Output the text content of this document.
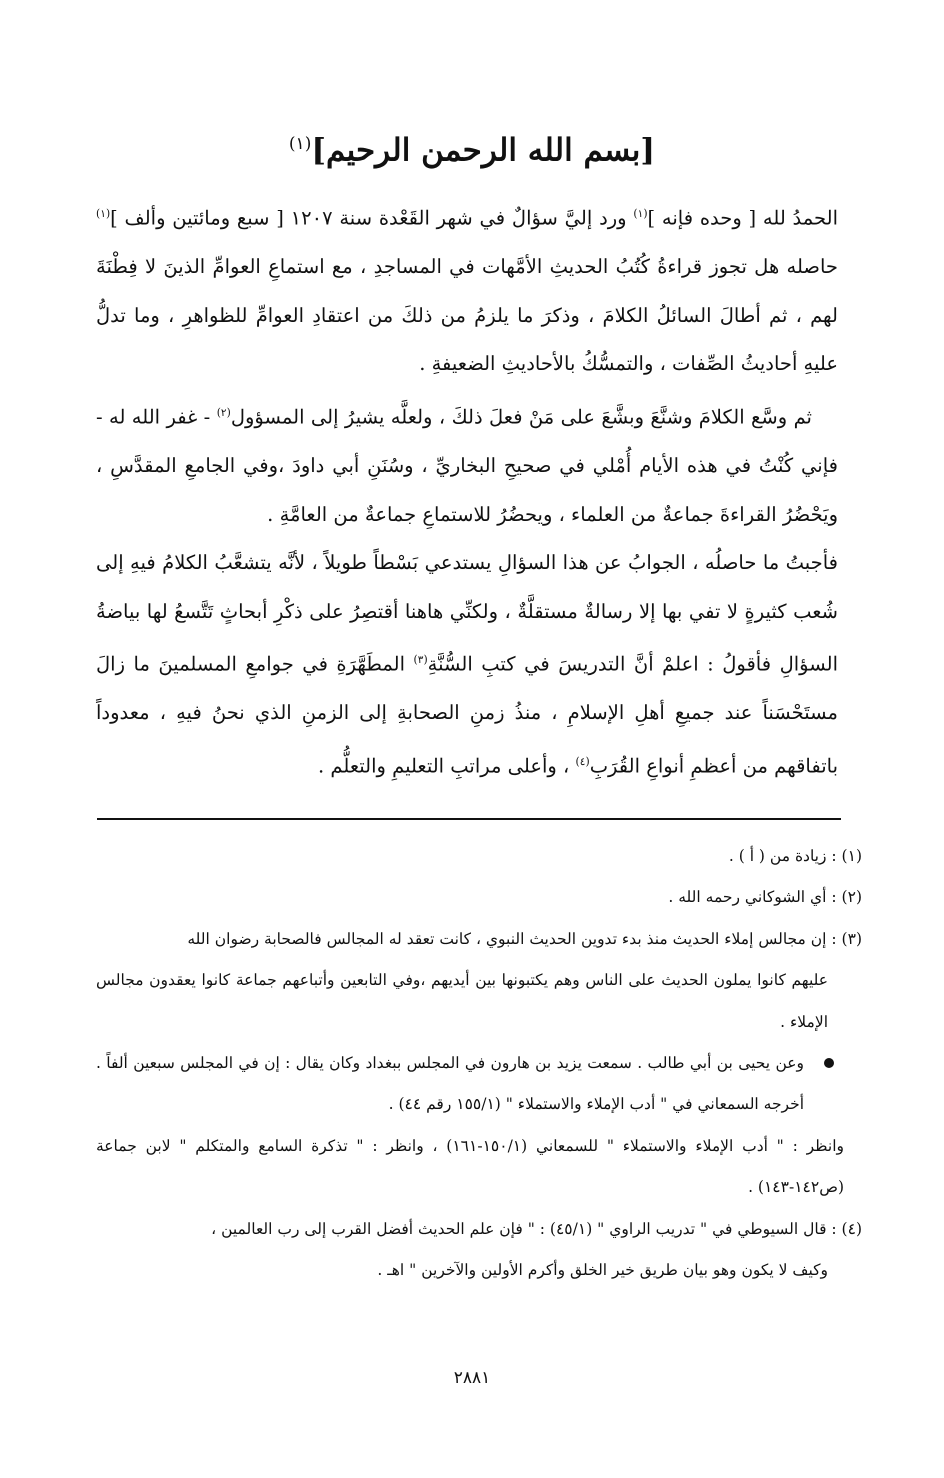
[بسم الله الرحمن الرحيم]$^{(١)}$

الحمدُ لله [ وحده فإنه ]$^{(١)}$ ورد إليَّ سؤالٌ في شهر القَعْدة سنة ١٢٠٧ [ سبع ومائتين وألف ]$^{(١)}$ حاصله هل تجوز قراءةُ كُتُبُ الحديثِ الأمَّهات في المساجدِ ، مع استماعِ العوامِّ الذينَ لا فِطْنَةَ لهم ، ثم أطالَ السائلُ الكلامَ ، وذكرَ ما يلزمُ من ذلكَ من اعتقادِ العوامِّ للظواهرِ ، وما تدلُّ عليهِ أحاديثُ الصِّفات ، والتمسُّكُ بالأحاديثِ الضعيفةِ .

ثم وسَّع الكلامَ وشنَّعَ وبشَّعَ على مَنْ فعلَ ذلكَ ، ولعلَّه يشيرُ إلى المسؤول$^{(٢)}$ - غفر الله له - فإني كُنْتُ في هذه الأيام أُمْلي في صحيحِ البخاريِّ ، وسُنَنِ أبي داودَ ،وفي الجامعِ المقدَّسِ ، ويَحْضُرُ القراءةَ جماعةٌ من العلماء ، ويحضُرُ للاستماعِ جماعةٌ من العامَّةِ .

فأجبتُ ما حاصلُه ، الجوابُ عن هذا السؤالِ يستدعي بَسْطاً طويلاً ، لأنَّه يتشعَّبُ الكلامُ فيهِ إلى شُعب كثيرةٍ لا تفي بها إلا رسالةٌ مستقلَّةٌ ، ولكنِّي هاهنا أقتصِرُ على ذكْرِ أبحاثٍ تَتَّسعُ لها بياضةُ السؤالِ فأقولُ : اعلمْ أنَّ التدريسَ في كتبِ السُّنَّةِ$^{(٣)}$ المطَهَّرَةِ في جوامعِ المسلمينَ ما زالَ مستَحْسَناً عند جميعِ أهلِ الإسلامِ ، منذُ زمنِ الصحابةِ إلى الزمنِ الذي نحنُ فيهِ ، معدوداً باتفاقهم من أعظمِ أنواعِ القُرَبِ$^{(٤)}$ ، وأعلى مراتبِ التعليمِ والتعلُّم .

(١) : زيادة من ( أ ) .

(٢) : أي الشوكاني رحمه الله .

(٣) : إن مجالس إملاء الحديث منذ بدء تدوين الحديث النبوي ، كانت تعقد له المجالس فالصحابة رضوان الله

عليهم كانوا يملون الحديث على الناس وهم يكتبونها بين أيديهم ،وفي التابعين وأتباعهم جماعة كانوا يعقدون مجالس الإملاء .

وعن يحيى بن أبي طالب . سمعت يزيد بن هارون في المجلس ببغداد وكان يقال : إن في المجلس سبعين ألفاً . أخرجه السمعاني في " أدب الإملاء والاستملاء " (١٥٥/١ رقم ٤٤) .

وانظر : " أدب الإملاء والاستملاء " للسمعاني (١٥٠/١-١٦١) ، وانظر : " تذكرة السامع والمتكلم " لابن جماعة (ص١٤٢-١٤٣) .

(٤) : قال السيوطي في " تدريب الراوي " (٤٥/١) : " فإن علم الحديث أفضل القرب إلى رب العالمين ،

وكيف لا يكون وهو بيان طريق خير الخلق وأكرم الأولين والآخرين " اهـ .

٢٨٨١
